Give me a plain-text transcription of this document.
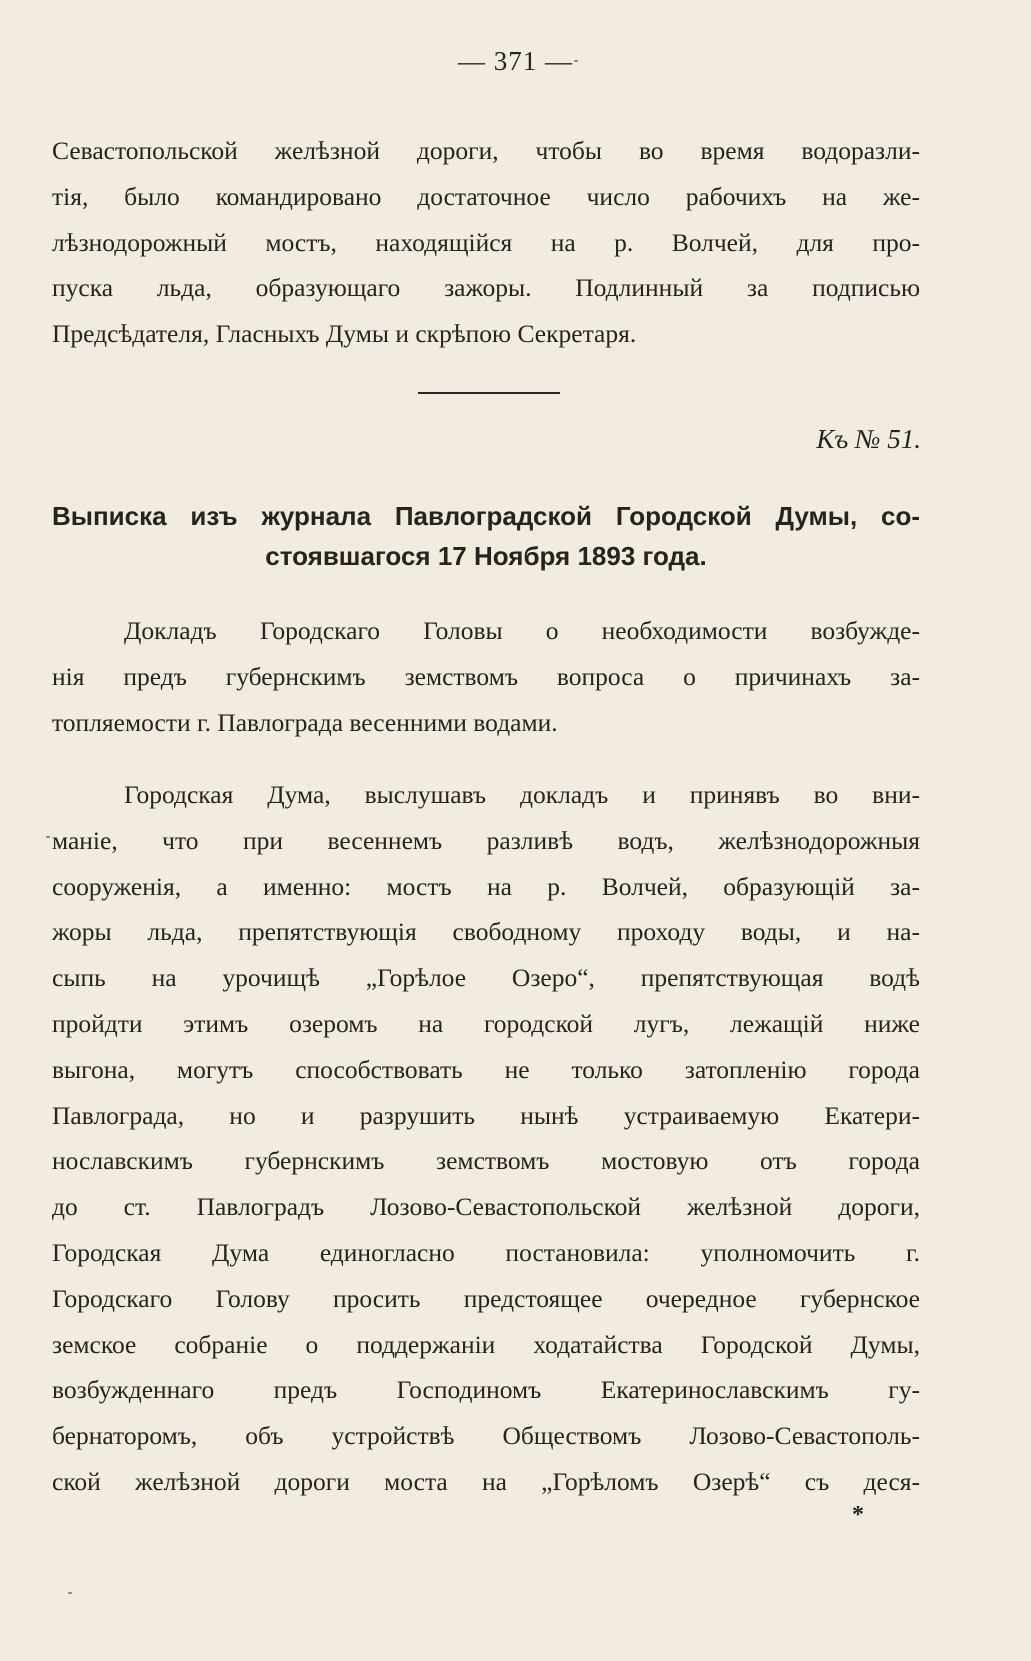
— 371 —
Севастопольской желѣзной дороги, чтобы во время водоразли-
тія, было командировано достаточное число рабочихъ на же-
лѣзнодорожный мостъ, находящійся на р. Волчей, для про-
пуска льда, образующаго зажоры. Подлинный за подписью
Предсѣдателя, Гласныхъ Думы и скрѣпою Секретаря.
Къ № 51.
Выписка изъ журнала Павлоградской Городской Думы, со-
стоявшагося 17 Ноября 1893 года.
Докладъ Городскаго Головы о необходимости возбужде-
нія предъ губернскимъ земствомъ вопроса о причинахъ за-
топляемости г. Павлограда весенними водами.
Городская Дума, выслушавъ докладъ и принявъ во вни-
маніе, что при весеннемъ разливѣ водъ, желѣзнодорожныя
сооруженія, а именно: мостъ на р. Волчей, образующій за-
жоры льда, препятствующія свободному проходу воды, и на-
сыпь на урочищѣ „Горѣлое Озеро“, препятствующая водѣ
пройдти этимъ озеромъ на городской лугъ, лежащій ниже
выгона, могутъ способствовать не только затопленію города
Павлограда, но и разрушить нынѣ устраиваемую Екатери-
нославскимъ губернскимъ земствомъ мостовую отъ города
до ст. Павлоградъ Лозово-Севастопольской желѣзной дороги,
Городская Дума единогласно постановила: уполномочить г.
Городскаго Голову просить предстоящее очередное губернское
земское собраніе о поддержаніи ходатайства Городской Думы,
возбужденнаго предъ Господиномъ Екатеринославскимъ гу-
бернаторомъ, объ устройствѣ Обществомъ Лозово-Севастополь-
ской желѣзной дороги моста на „Горѣломъ Озерѣ“ съ деся-
*
